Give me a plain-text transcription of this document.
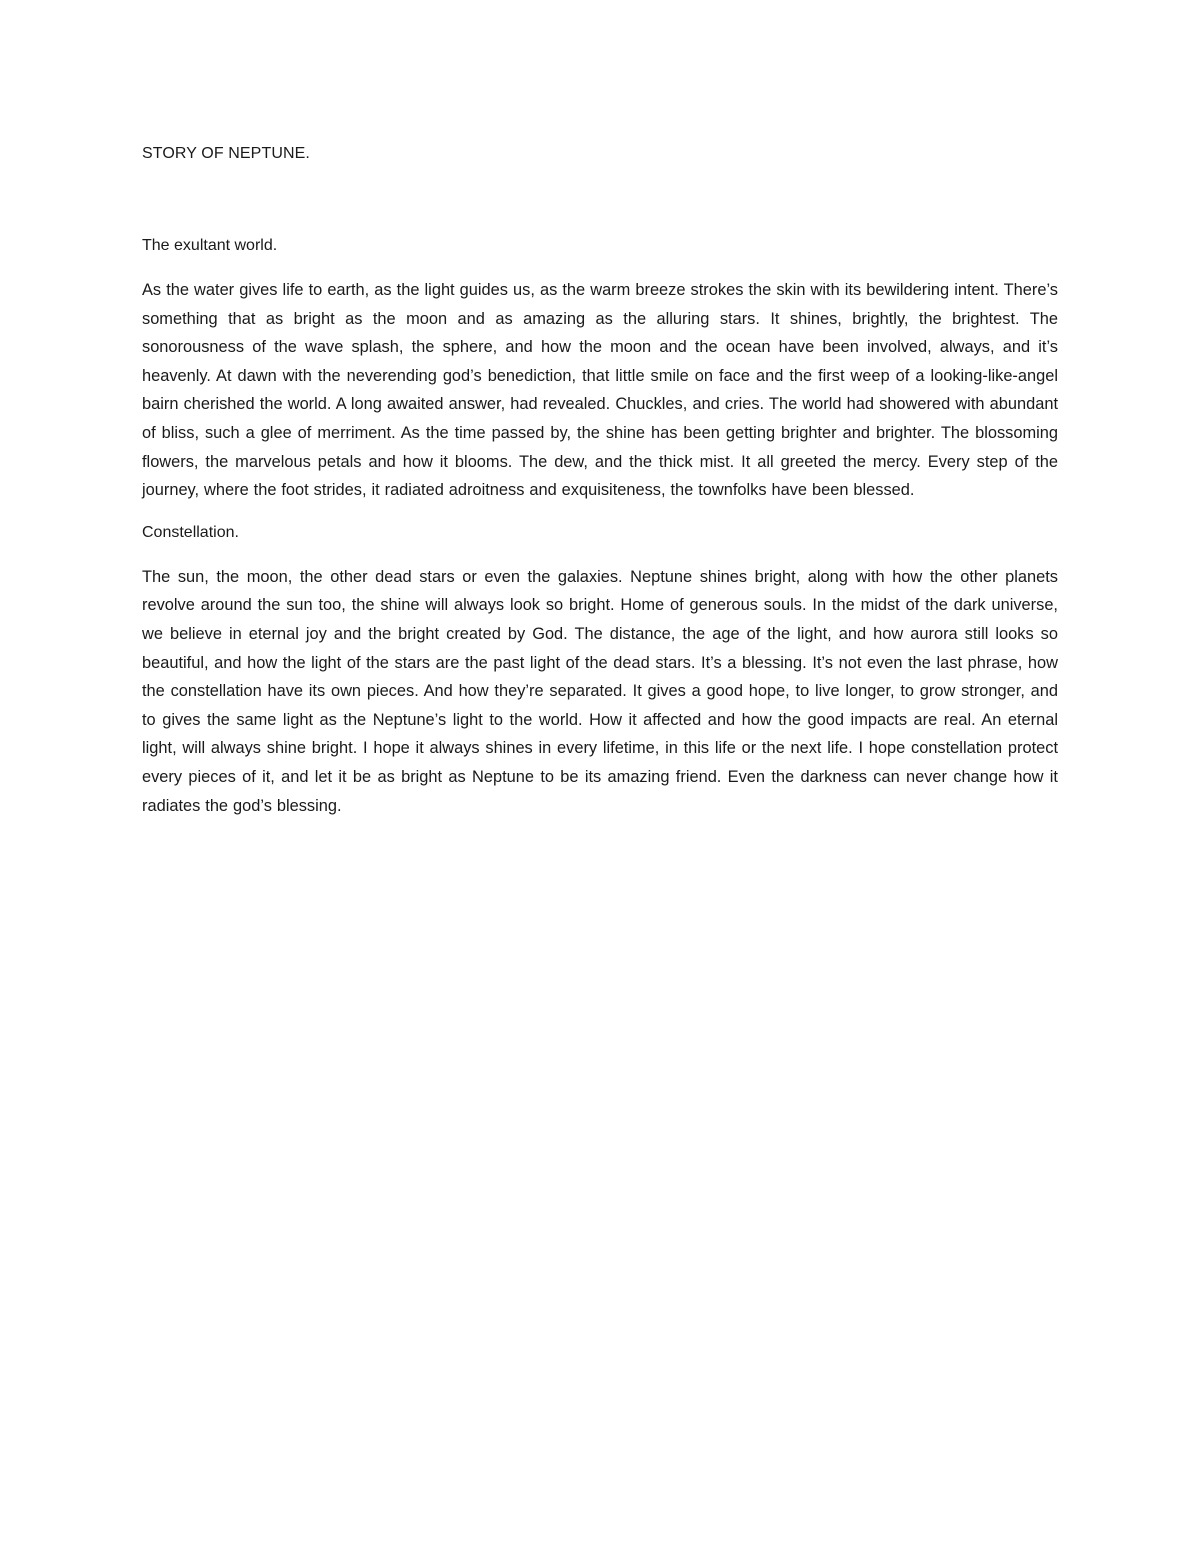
STORY OF NEPTUNE.
The exultant world.

As the water gives life to earth, as the light guides us, as the warm breeze strokes the skin with its bewildering intent. There’s something that as bright as the moon and as amazing as the alluring stars. It shines, brightly, the brightest. The sonorousness of the wave splash, the sphere, and how the moon and the ocean have been involved, always, and it’s heavenly. At dawn with the neverending god’s benediction, that little smile on face and the first weep of a looking-like-angel bairn cherished the world. A long awaited answer, had revealed. Chuckles, and cries. The world had showered with abundant of bliss, such a glee of merriment. As the time passed by, the shine has been getting brighter and brighter. The blossoming flowers, the marvelous petals and how it blooms. The dew, and the thick mist. It all greeted the mercy. Every step of the journey, where the foot strides, it radiated adroitness and exquisiteness, the townfolks have been blessed.

Constellation.

The sun, the moon, the other dead stars or even the galaxies. Neptune shines bright, along with how the other planets revolve around the sun too, the shine will always look so bright. Home of generous souls. In the midst of the dark universe, we believe in eternal joy and the bright created by God. The distance, the age of the light, and how aurora still looks so beautiful, and how the light of the stars are the past light of the dead stars. It’s a blessing. It’s not even the last phrase, how the constellation have its own pieces. And how they’re separated. It gives a good hope, to live longer, to grow stronger, and to gives the same light as the Neptune’s light to the world. How it affected and how the good impacts are real. An eternal light, will always shine bright. I hope it always shines in every lifetime, in this life or the next life. I hope constellation protect every pieces of it, and let it be as bright as Neptune to be its amazing friend. Even the darkness can never change how it radiates the god’s blessing.
